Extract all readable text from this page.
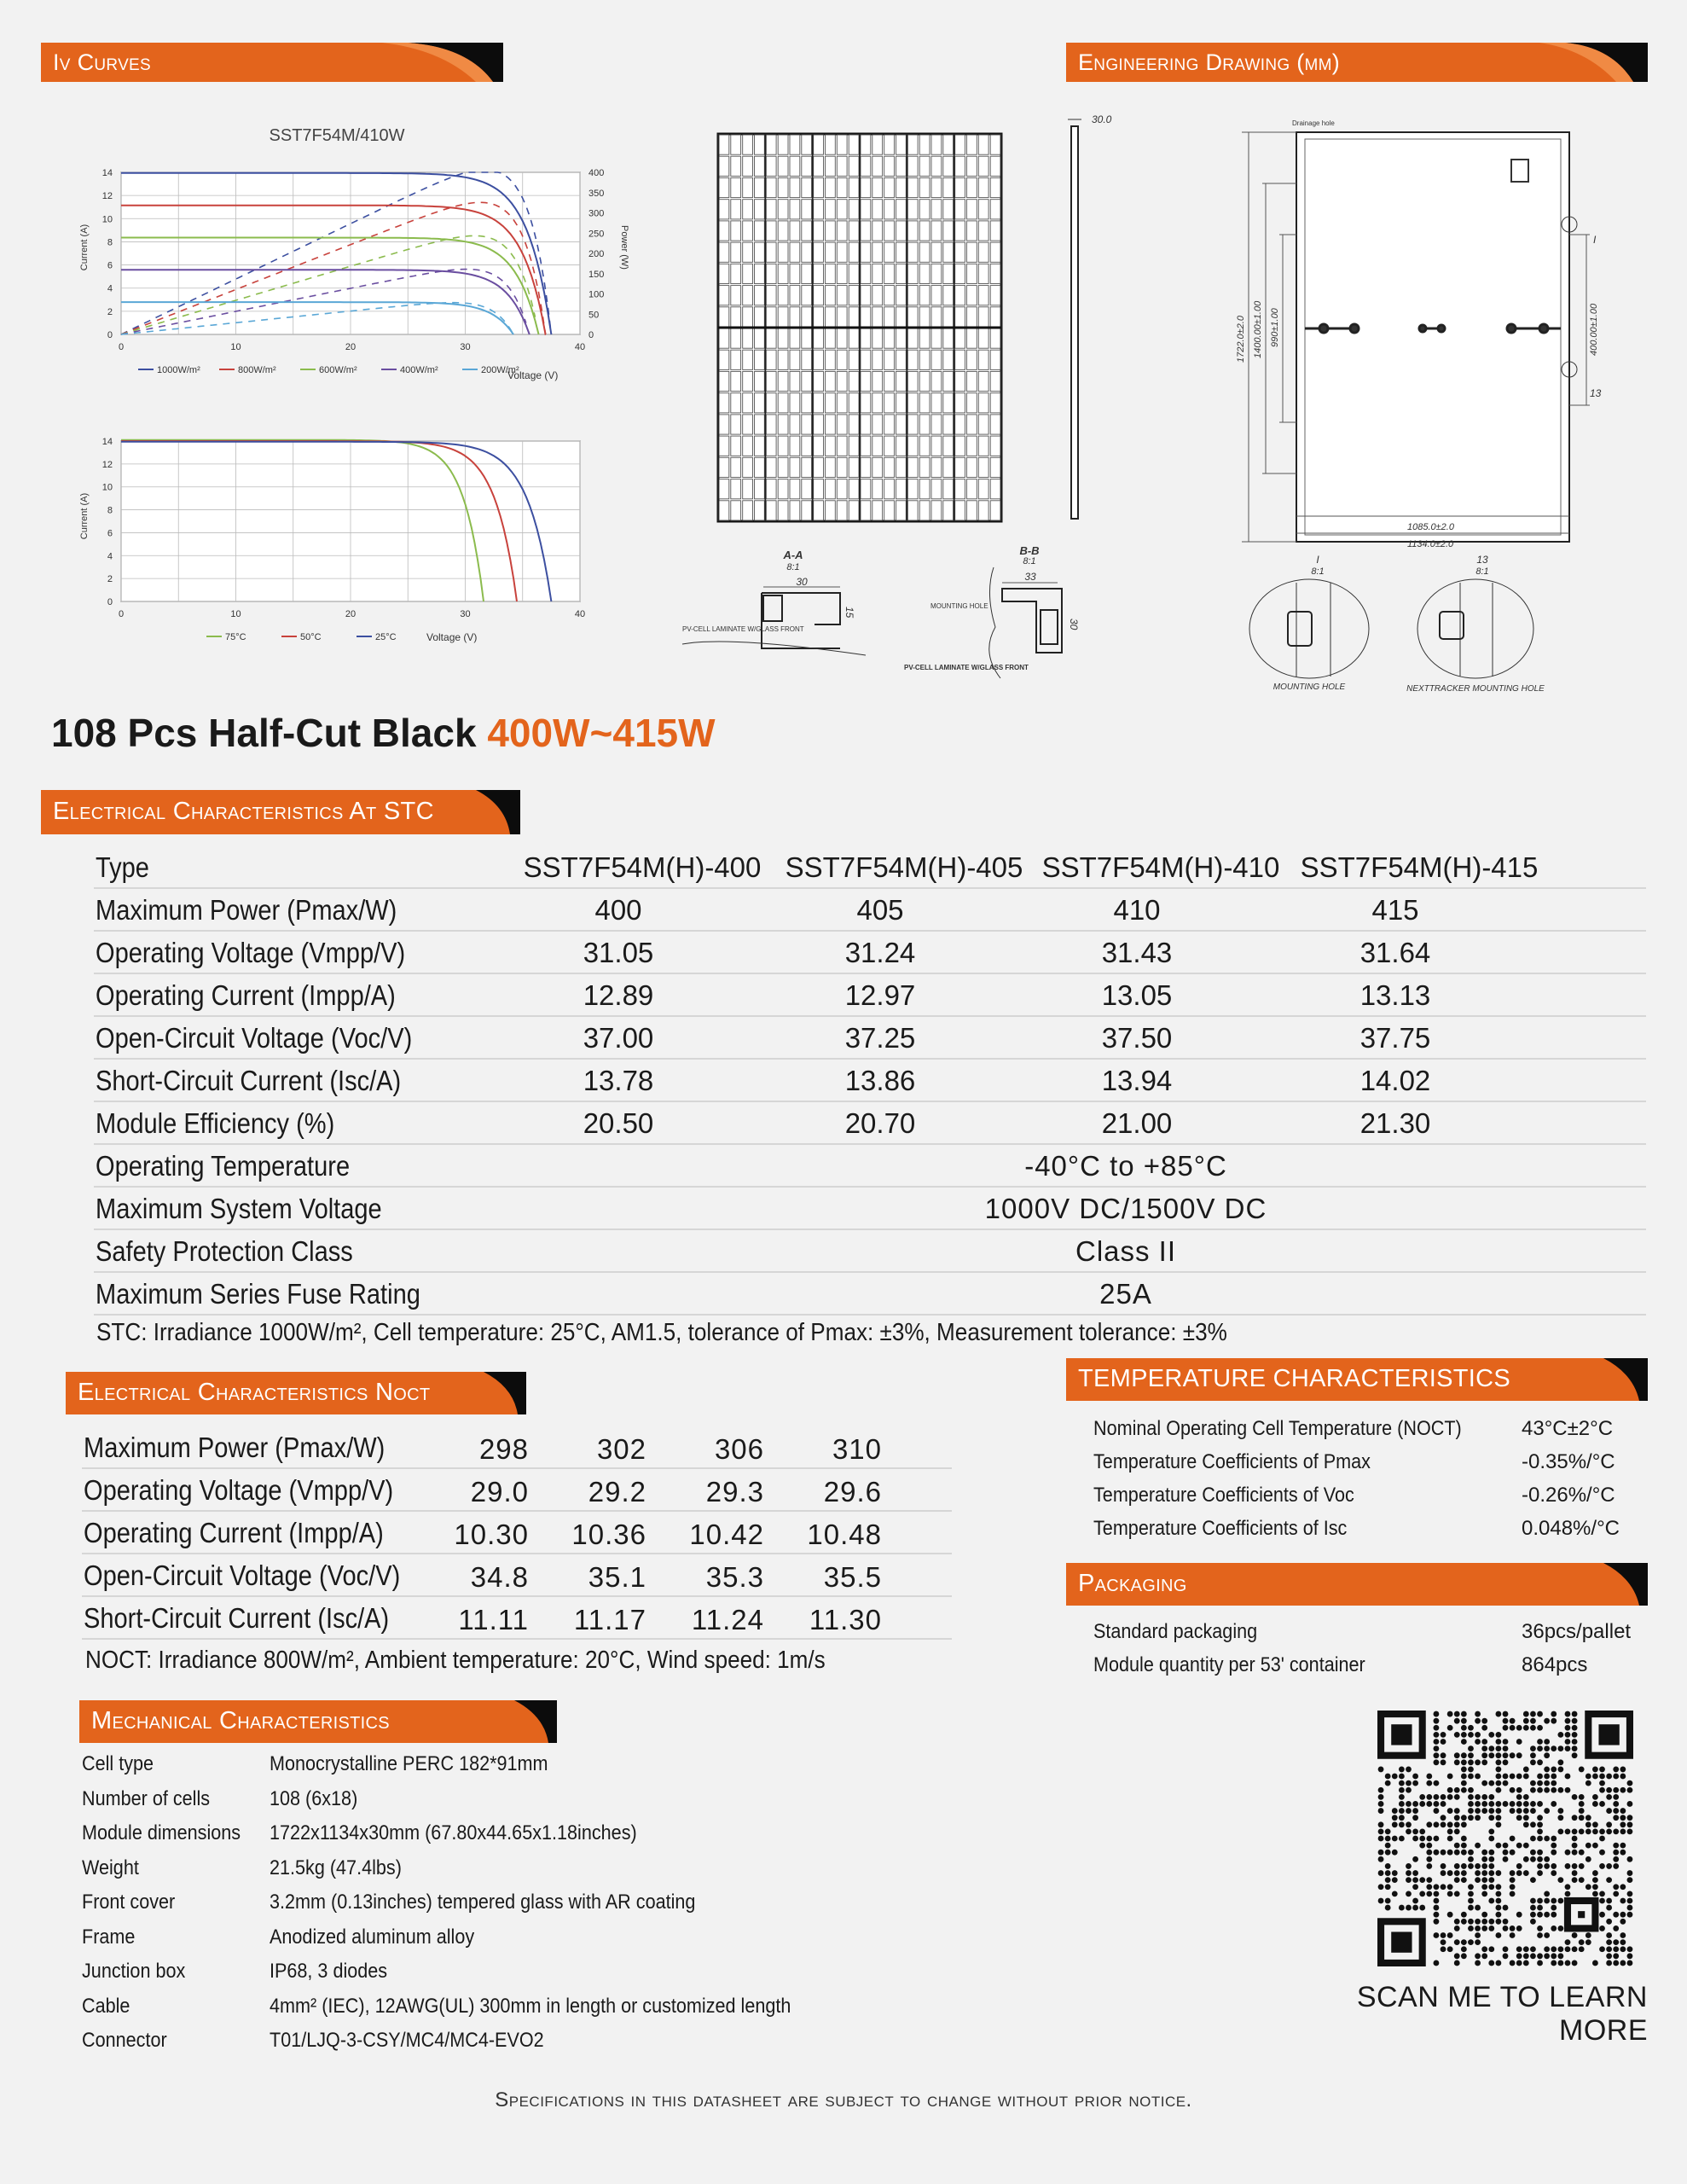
Iv Curves	Engineering Drawing (mm)
Electrical Characteristics At STC
Electrical Characteristics Noct	TEMPERATURE CHARACTERISTICS
Packaging
Mechanical Characteristics
SST7F54M/410W
0	10	20	30	40
0
2
4
6
8
10
12
14
0
50
100
150
200
250
300
350
400
1000W/m²	800W/m²	600W/m²	400W/m²	200W/m²
Current (A)	Power (W)
Voltage (V)
0	10	20	30	40
0
2
4
6
8
10
12
14
75°C	50°C	25°C
Current (A)
Voltage (V)
30.0	Drainage hole
1722.0±2.0 1400.00±1.00 990±1.00	400.00±1.00
I
13
1085.0±2.0
1134.0±2.0
A-A
8:1
30
15
PV-CELL LAMINATE W/GLASS FRONT
B-B
8:1
33
30
MOUNTING HOLE
PV-CELL LAMINATE W/GLASS FRONT
I
8:1
MOUNTING HOLE
13
8:1
NEXTTRACKER MOUNTING HOLE
108 Pcs Half-Cut Black 400W~415W
Type	SST7F54M(H)-400 SST7F54M(H)-405 SST7F54M(H)-410 SST7F54M(H)-415
Maximum Power (Pmax/W)	400	405	410	415
Operating Voltage (Vmpp/V)	31.05	31.24	31.43	31.64
Operating Current (Impp/A)	12.89	12.97	13.05	13.13
Open-Circuit Voltage (Voc/V)	37.00	37.25	37.50	37.75
Short-Circuit Current (Isc/A)	13.78	13.86	13.94	14.02
Module Efficiency (%)	20.50	20.70	21.00	21.30
Operating Temperature	-40°C to +85°C
Maximum System Voltage	1000V DC/1500V DC
Safety Protection Class	Class II
Maximum Series Fuse Rating	25A
STC: Irradiance 1000W/m², Cell temperature: 25°C, AM1.5, tolerance of Pmax: ±3%, Measurement tolerance: ±3%
Maximum Power (Pmax/W)	298	302	306	310
Operating Voltage (Vmpp/V)	29.0	29.2	29.3	29.6
Operating Current (Impp/A)	10.30	10.36	10.42	10.48
Open-Circuit Voltage (Voc/V)	34.8	35.1	35.3	35.5
Short-Circuit Current (Isc/A)	11.11	11.17	11.24	11.30
NOCT: Irradiance 800W/m², Ambient temperature: 20°C, Wind speed: 1m/s
Nominal Operating Cell Temperature (NOCT)	43°C±2°C
Temperature Coefficients of Pmax	-0.35%/°C
Temperature Coefficients of Voc	-0.26%/°C
Temperature Coefficients of Isc	0.048%/°C
Standard packaging	36pcs/pallet
Module quantity per 53' container	864pcs
Cell type	Monocrystalline PERC 182*91mm
Number of cells	108 (6x18)
Module dimensions 1722x1134x30mm (67.80x44.65x1.18inches)
Weight	21.5kg (47.4lbs)
Front cover	3.2mm (0.13inches) tempered glass with AR coating
Frame	Anodized aluminum alloy
Junction box	IP68, 3 diodes
Cable	4mm² (IEC), 12AWG(UL) 300mm in length or customized length
Connector	T01/LJQ-3-CSY/MC4/MC4-EVO2
SCAN ME TO LEARN MORE
Specifications in this datasheet are subject to change without prior notice.
